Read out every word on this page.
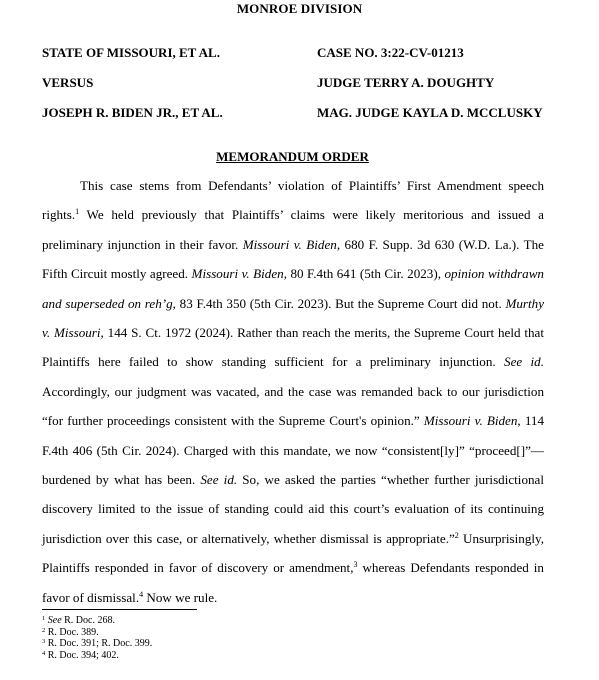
MONROE DIVISION
STATE OF MISSOURI, ET AL.	CASE NO. 3:22-CV-01213
VERSUS	JUDGE TERRY A. DOUGHTY
JOSEPH R. BIDEN JR., ET AL.	MAG. JUDGE KAYLA D. MCCLUSKY
MEMORANDUM ORDER

This case stems from Defendants’ violation of Plaintiffs’ First Amendment speech rights.$^1$ We held previously that Plaintiffs’ claims were likely meritorious and issued a preliminary injunction in their favor. Missouri v. Biden, 680 F. Supp. 3d 630 (W.D. La.). The Fifth Circuit mostly agreed. Missouri v. Biden, 80 F.4th 641 (5th Cir. 2023), opinion withdrawn and superseded on reh’g, 83 F.4th 350 (5th Cir. 2023). But the Supreme Court did not. Murthy v. Missouri, 144 S. Ct. 1972 (2024). Rather than reach the merits, the Supreme Court held that Plaintiffs here failed to show standing sufficient for a preliminary injunction. See id. Accordingly, our judgment was vacated, and the case was remanded back to our jurisdiction “for further proceedings consistent with the Supreme Court's opinion.” Missouri v. Biden, 114 F.4th 406 (5th Cir. 2024). Charged with this mandate, we now “consistent[ly]” “proceed[]”—burdened by what has been. See id. So, we asked the parties “whether further jurisdictional discovery limited to the issue of standing could aid this court’s evaluation of its continuing jurisdiction over this case, or alternatively, whether dismissal is appropriate.”$^2$ Unsurprisingly, Plaintiffs responded in favor of discovery or amendment,$^3$ whereas Defendants responded in favor of dismissal.$^4$ Now we rule.

$^1$ See R. Doc. 268.
$^2$ R. Doc. 389.
$^3$ R. Doc. 391; R. Doc. 399.
$^4$ R. Doc. 394; 402.
